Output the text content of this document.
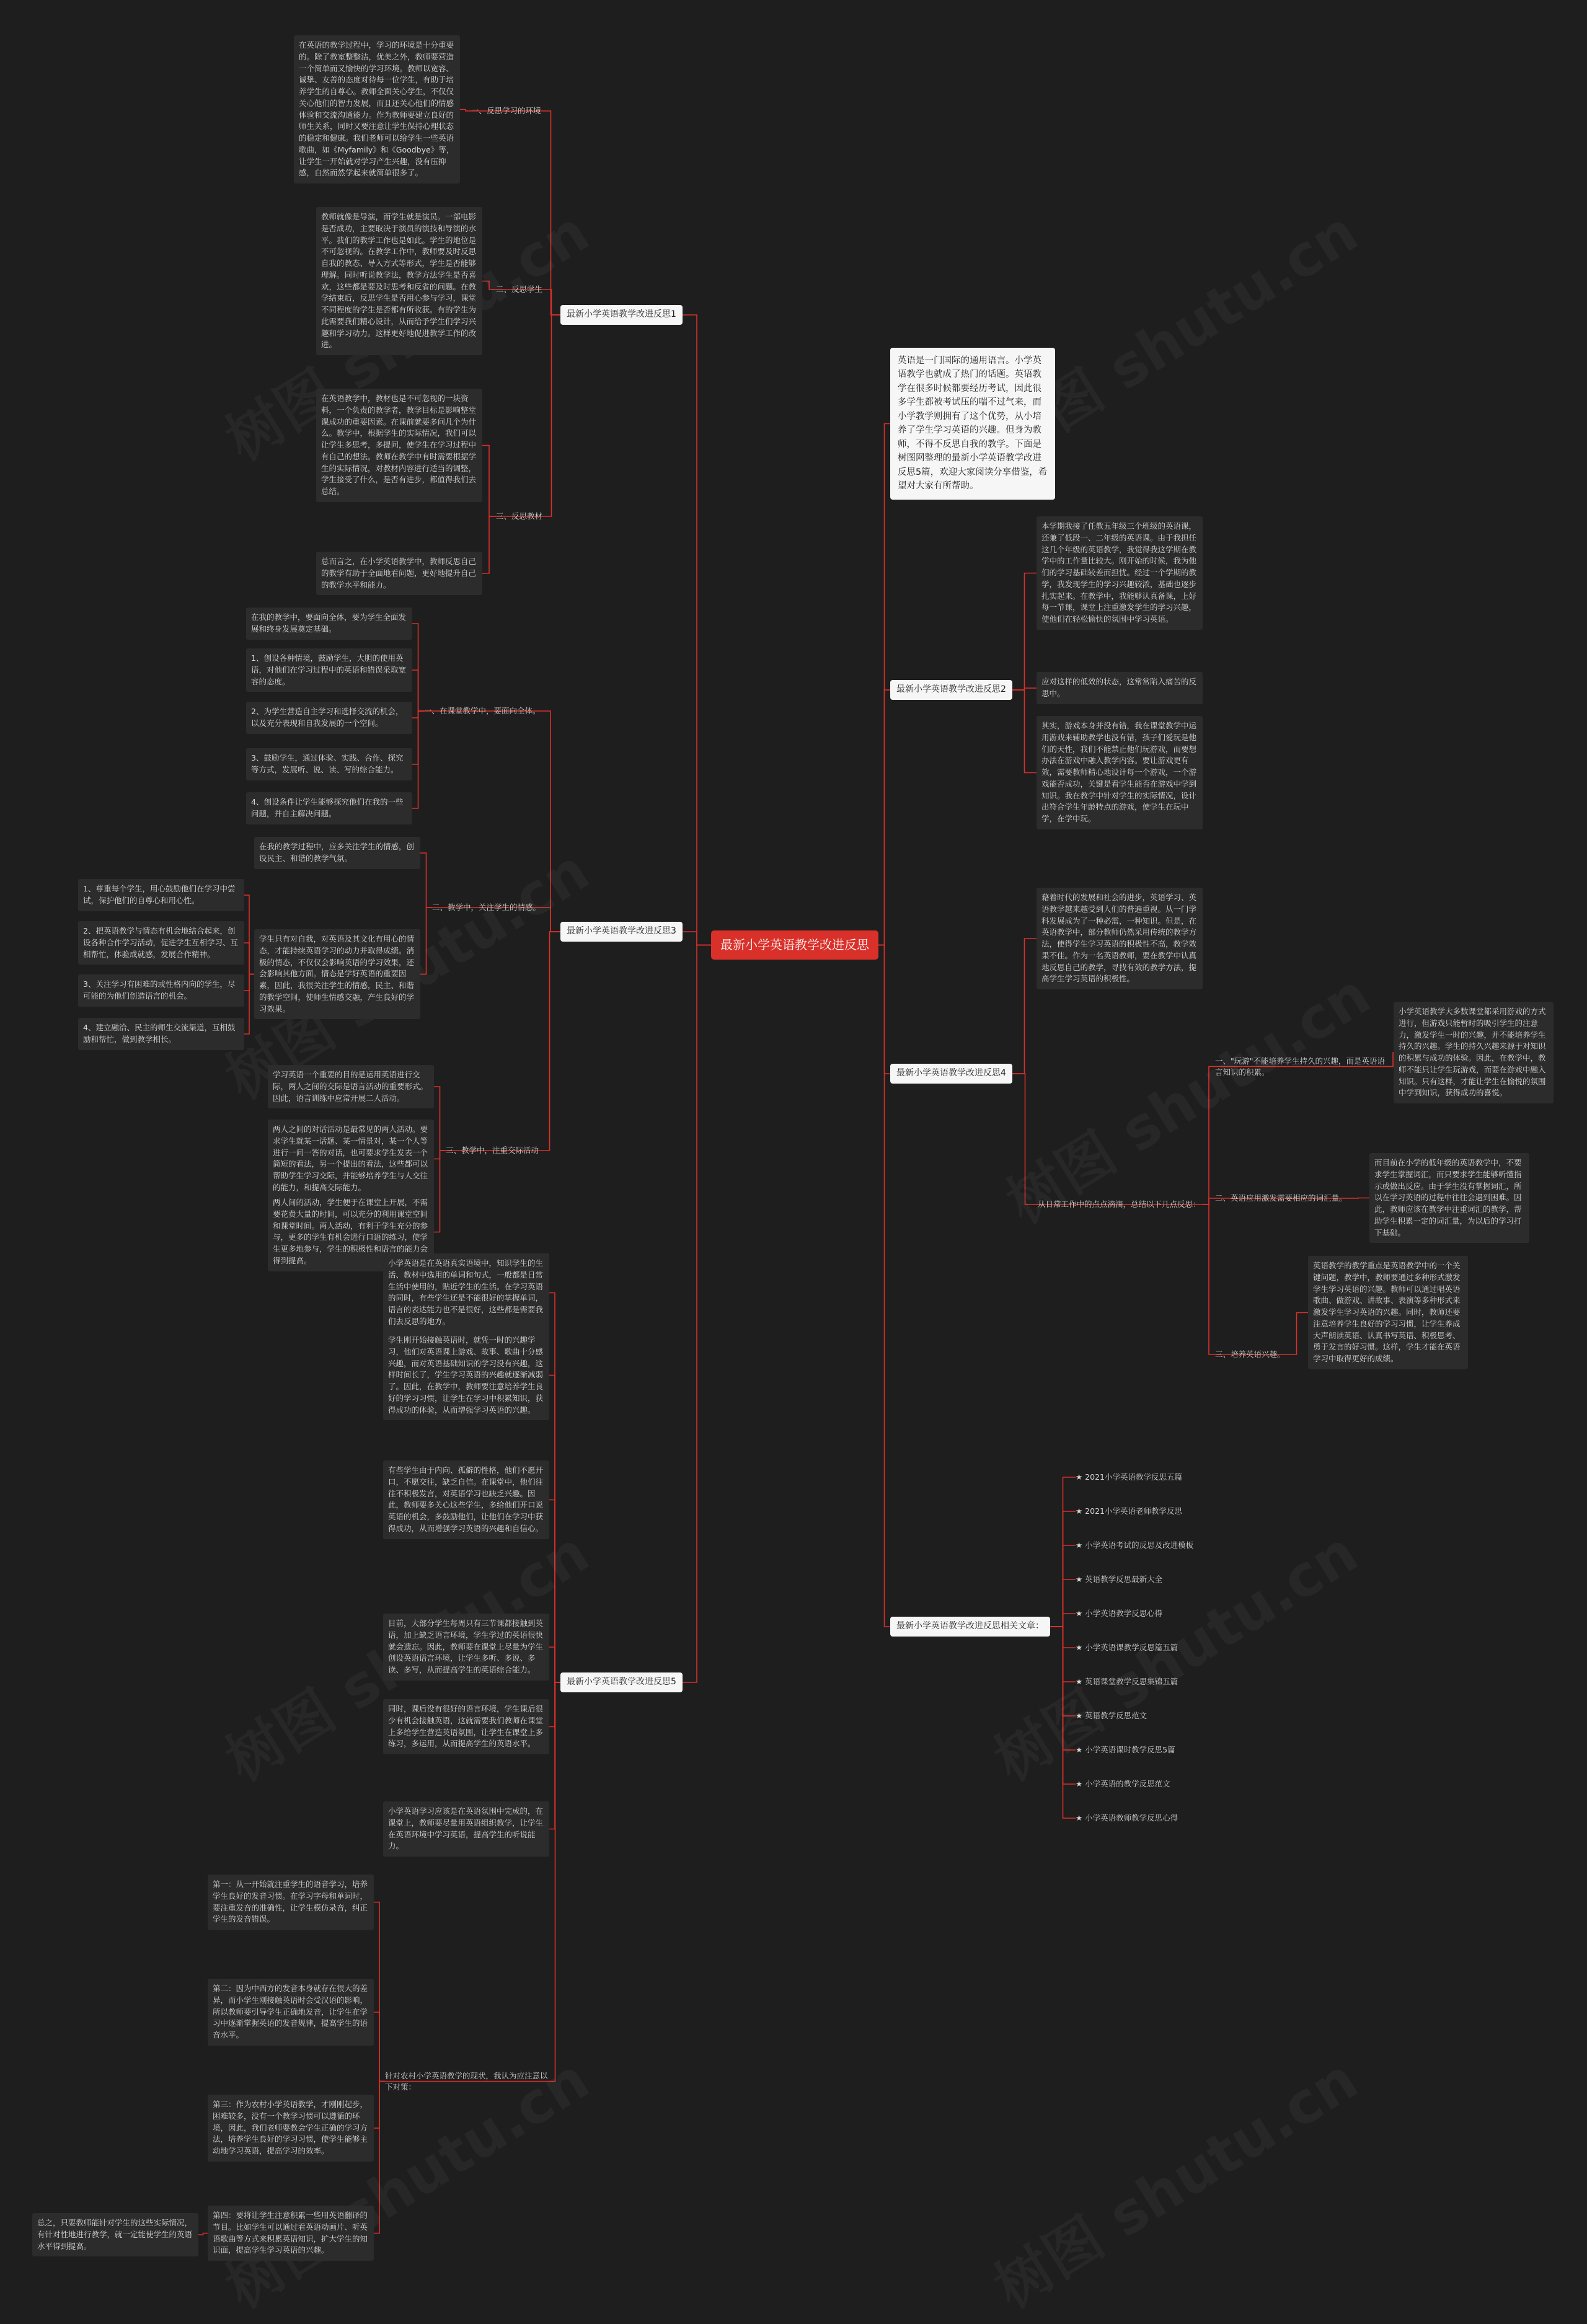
最新小学英语教学改进反思
英语是一门国际的通用语言。小学英语教学也就成了热门的话题。英语教学在很多时候都要经历考试，因此很多学生都被考试压的喘不过气来，而小学教学则拥有了这个优势，从小培养了学生学习英语的兴趣。但身为教师，不得不反思自我的教学。下面是树图网整理的最新小学英语教学改进反思5篇，欢迎大家阅读分享借鉴，希望对大家有所帮助。
最新小学英语教学改进反思1
一、反思学习的环境
在英语的教学过程中，学习的环境是十分重要的。除了教室整整洁，优美之外，教师要营造一个简单而又愉快的学习环境。教师以宽容、诚挚、友善的态度对待每一位学生，有助于培养学生的自尊心。教师全面关心学生，不仅仅关心他们的智力发展，而且还关心他们的情感体验和交流沟通能力。作为教师要建立良好的师生关系，同时又要注意让学生保持心理状态的稳定和健康。我们老师可以给学生一些英语歌曲，如《Myfamily》和《Goodbye》等，让学生一开始就对学习产生兴趣，没有压抑感，自然而然学起来就简单很多了。
二、反思学生
教师就像是导演，而学生就是演员。一部电影是否成功，主要取决于演员的演技和导演的水平。我们的教学工作也是如此。学生的地位是不可忽视的。在教学工作中，教师要及时反思自我的教态、导入方式等形式，学生是否能够理解。同时听说教学法，教学方法学生是否喜欢，这些都是要及时思考和反省的问题。在教学结束后，反思学生是否用心参与学习，课堂不同程度的学生是否都有所收获。有的学生为此需要我们精心设计，从而给予学生们学习兴趣和学习动力。这样更好地促进教学工作的改进。
三、反思教材
在英语教学中，教材也是不可忽视的一块资料，一个负责的教学者，教学目标是影响整堂课成功的重要因素。在课前就要多问几个为什么。教学中，根据学生的实际情况，我们可以让学生多思考，多提问，使学生在学习过程中有自己的想法。教师在教学中有时需要根据学生的实际情况，对教材内容进行适当的调整，学生接受了什么，是否有进步，都值得我们去总结。
总而言之，在小学英语教学中，教师反思自己的教学有助于全面地看问题，更好地提升自己的教学水平和能力。
最新小学英语教学改进反思2
本学期我接了任教五年级三个班级的英语课，还兼了低段一、二年级的英语课。由于我担任这几个年级的英语教学，我觉得我这学期在教学中的工作量比较大。刚开始的时候，我为他们的学习基础较差而担忧。经过一个学期的教学，我发现学生的学习兴趣较浓，基础也逐步扎实起来。在教学中，我能够认真备课，上好每一节课，课堂上注重激发学生的学习兴趣，使他们在轻松愉快的氛围中学习英语。
应对这样的低效的状态，这常常陷入痛苦的反思中。
其实，游戏本身并没有错，我在课堂教学中运用游戏来辅助教学也没有错，孩子们爱玩是他们的天性，我们不能禁止他们玩游戏，而要想办法在游戏中融入教学内容。要让游戏更有效，需要教师精心地设计每一个游戏，一个游戏能否成功，关键是看学生能否在游戏中学到知识。我在教学中针对学生的实际情况，设计出符合学生年龄特点的游戏，使学生在玩中学，在学中玩。
最新小学英语教学改进反思3
一、在课堂教学中，要面向全体。
在我的教学中，要面向全体，要为学生全面发展和终身发展奠定基础。
1、创设各种情境，鼓励学生，大胆的使用英语，对他们在学习过程中的英语和错误采取宽容的态度。
2、为学生营造自主学习和选择交流的机会，以及充分表现和自我发展的一个空间。
3、鼓励学生，通过体验、实践、合作、探究等方式，发展听、说、读、写的综合能力。
4、创设条件让学生能够探究他们在我的一些问题，并自主解决问题。
二、教学中，关注学生的情感。
在我的教学过程中，应多关注学生的情感，创设民主、和谐的教学气氛。
学生只有对自我，对英语及其文化有用心的情态，才能持续英语学习的动力并取得成绩。消极的情态，不仅仅会影响英语的学习效果，还会影响其他方面。情态是学好英语的重要因素，因此，我很关注学生的情感，民主、和谐的教学空间，使师生情感交融，产生良好的学习效果。
1、尊重每个学生，用心鼓励他们在学习中尝试，保护他们的自尊心和用心性。
2、把英语教学与情态有机会地结合起来，创设各种合作学习活动，促进学生互相学习、互相帮忙，体验成就感，发展合作精神。
3、关注学习有困难的或性格内向的学生，尽可能的为他们创造语言的机会。
4、建立融洽、民主的师生交流渠道，互相鼓励和帮忙，做到教学相长。
三、教学中，注重交际活动
学习英语一个重要的目的是运用英语进行交际，两人之间的交际是语言活动的重要形式。因此，语言训练中应常开展二人活动。
两人之间的对话活动是最常见的两人活动。要求学生就某一话题、某一情景对，某一个人等进行一问一答的对话，也可要求学生发表一个简短的看法，另一个提出的看法，这些都可以帮助学生学习交际，并能够培养学生与人交往的能力，和提高交际能力。
两人间的活动，学生便于在课堂上开展，不需要花费大量的时间，可以充分的利用课堂空间和课堂时间。两人活动，有利于学生充分的参与，更多的学生有机会进行口语的练习，使学生更多地参与，学生的积极性和语言的能力会得到提高。
最新小学英语教学改进反思4
藉着时代的发展和社会的进步，英语学习、英语教学越来越受到人们的普遍重视。从一门学科发展成为了一种必需，一种知识。但是，在英语教学中，部分教师仍然采用传统的教学方法，使得学生学习英语的积极性不高，教学效果不佳。作为一名英语教师，要在教学中认真地反思自己的教学，寻找有效的教学方法，提高学生学习英语的积极性。
从日常工作中的点点滴滴，总结以下几点反思：
一、"玩游"不能培养学生持久的兴趣，而是英语语言知识的积累。
小学英语教学大多数课堂都采用游戏的方式进行，但游戏只能暂时的吸引学生的注意力，激发学生一时的兴趣，并不能培养学生持久的兴趣。学生的持久兴趣来源于对知识的积累与成功的体验。因此，在教学中，教师不能只让学生玩游戏，而要在游戏中融入知识。只有这样，才能让学生在愉悦的氛围中学到知识，获得成功的喜悦。
二、英语应用激发需要相应的词汇量。
而目前在小学的低年级的英语教学中，不要求学生掌握词汇，而只要求学生能够听懂指示或做出反应。由于学生没有掌握词汇，所以在学习英语的过程中往往会遇到困难。因此，教师应该在教学中注重词汇的教学，帮助学生积累一定的词汇量，为以后的学习打下基础。
三、培养英语兴趣。
英语教学的教学重点是英语教学中的一个关键问题，教学中，教师要通过多种形式激发学生学习英语的兴趣。教师可以通过唱英语歌曲、做游戏、讲故事、表演等多种形式来激发学生学习英语的兴趣。同时，教师还要注意培养学生良好的学习习惯，让学生养成大声朗读英语、认真书写英语、积极思考、勇于发言的好习惯。这样，学生才能在英语学习中取得更好的成绩。
最新小学英语教学改进反思5
小学英语是在英语真实语境中，知识学生的生活、教材中选用的单词和句式，一般都是日常生活中使用的，贴近学生的生活。在学习英语的同时，有些学生还是不能很好的掌握单词，语言的表达能力也不是很好，这些都是需要我们去反思的地方。
学生刚开始接触英语时，就凭一时的兴趣学习，他们对英语课上游戏、故事、歌曲十分感兴趣，而对英语基础知识的学习没有兴趣，这样时间长了，学生学习英语的兴趣就逐渐减弱了。因此，在教学中，教师要注意培养学生良好的学习习惯，让学生在学习中积累知识，获得成功的体验，从而增强学习英语的兴趣。
有些学生由于内向、孤僻的性格，他们不愿开口，不愿交往，缺乏自信。在课堂中，他们往往不积极发言，对英语学习也缺乏兴趣。因此，教师要多关心这些学生，多给他们开口说英语的机会，多鼓励他们，让他们在学习中获得成功，从而增强学习英语的兴趣和自信心。
目前，大部分学生每周只有三节课都接触到英语，加上缺乏语言环境，学生学过的英语很快就会遗忘。因此，教师要在课堂上尽量为学生创设英语语言环境，让学生多听、多说、多读、多写，从而提高学生的英语综合能力。
同时，课后没有很好的语言环境，学生课后很少有机会接触英语，这就需要我们教师在课堂上多给学生营造英语氛围，让学生在课堂上多练习，多运用，从而提高学生的英语水平。
小学英语学习应该是在英语氛围中完成的，在课堂上，教师要尽量用英语组织教学，让学生在英语环境中学习英语，提高学生的听说能力。
针对农村小学英语教学的现状，我认为应注意以下对策：
第一：从一开始就注重学生的语音学习，培养学生良好的发音习惯。在学习字母和单词时，要注重发音的准确性，让学生模仿录音，纠正学生的发音错误。
第二：因为中西方的发音本身就存在很大的差异，而小学生刚接触英语时会受汉语的影响，所以教师要引导学生正确地发音，让学生在学习中逐渐掌握英语的发音规律，提高学生的语音水平。
第三：作为农村小学英语教学，才刚刚起步，困难较多，没有一个教学习惯可以遵循的环境，因此，我们老师要教会学生正确的学习方法，培养学生良好的学习习惯，使学生能够主动地学习英语，提高学习的效率。
第四：要将让学生注意积累一些用英语翻译的节目。比如学生可以通过看英语动画片、听英语歌曲等方式来积累英语知识，扩大学生的知识面，提高学生学习英语的兴趣。
总之，只要教师能针对学生的这些实际情况，有针对性地进行教学，就一定能使学生的英语水平得到提高。
最新小学英语教学改进反思相关文章：
★ 2021小学英语教学反思五篇
★ 2021小学英语老师教学反思
★ 小学英语考试的反思及改进模板
★ 英语教学反思最新大全
★ 小学英语教学反思心得
★ 小学英语课教学反思篇五篇
★ 英语课堂教学反思集锦五篇
★ 英语教学反思范文
★ 小学英语课时教学反思5篇
★ 小学英语的教学反思范文
★ 小学英语教师教学反思心得
